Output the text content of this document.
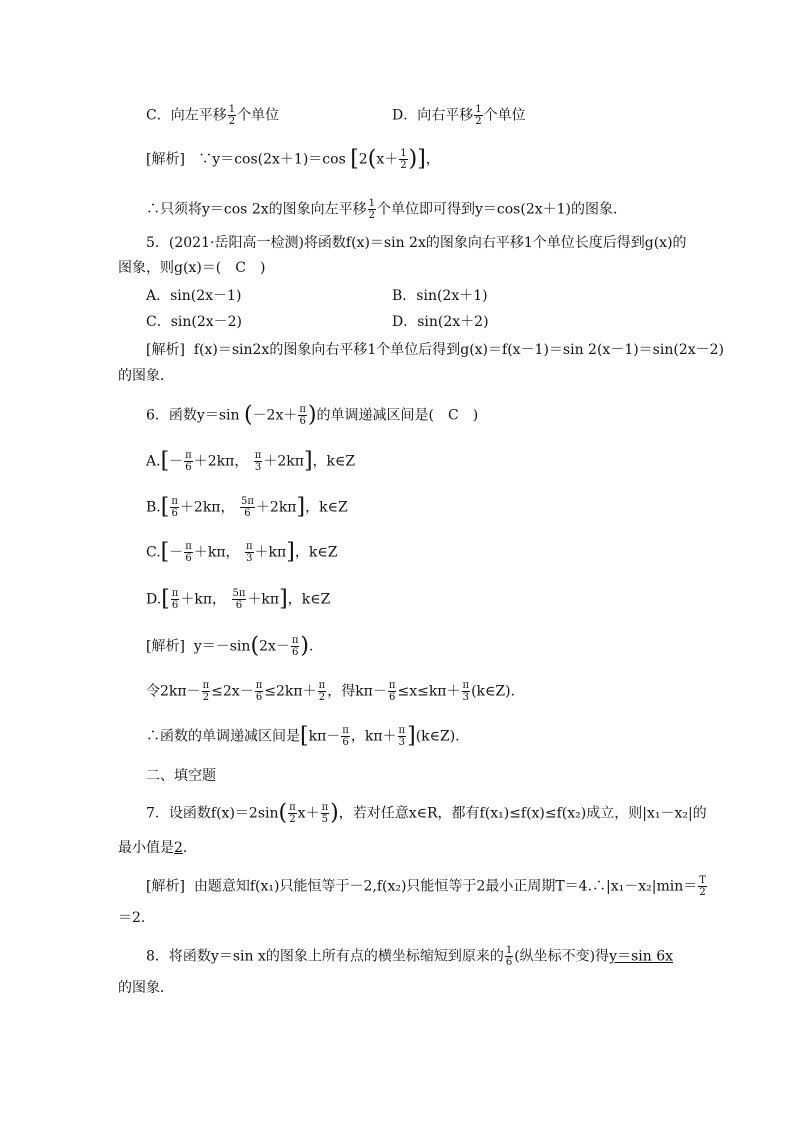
C．向左平移 $\frac{1}{2}$ 个单位	D．向右平移 $\frac{1}{2}$ 个单位
[解析] ∵y＝cos(2x＋1)＝cos [$2(x+ \frac{1}{2}$ )]，
∴只须将y＝cos 2x的图象向左平移 $\frac{1}{2}$ 个单位即可得到y＝cos(2x＋1)的图象．
5．(2021·岳阳高一检测)将函数f(x)＝sin 2x的图象向右平移1个单位长度后得到g(x)的
图象，则g(x)＝(　C　)
A．sin(2x－1)	B．sin(2x＋1)
C．sin(2x－2)	D．sin(2x＋2)
[解析] f(x)＝sin2x的图象向右平移1个单位后得到g(x)＝f(x－1)＝sin 2(x－1)＝sin(2x－2)
的图象．
6．函数y＝sin ($-2x+ \frac{\pi}{6}$ )的单调递减区间是(　C　)
$A.[- \frac{\pi}{6} +2k\pi$， $\frac{\pi}{3} +2k\pi$]，k∈Z
$B.[ \frac{\pi}{6} +2k\pi$， $\frac{5\pi}{6} +2k\pi$]，k∈Z
$C.[- \frac{\pi}{6} +k\pi$， $\frac{\pi}{3} +k\pi$]，k∈Z
$D.[ \frac{\pi}{6} +k\pi$， $\frac{5\pi}{6} +k\pi$]，k∈Z
[解析] $y=-\sin(2x- \frac{\pi}{6}$ ).
令$2k\pi- \frac{\pi}{2} \le 2x- \frac{\pi}{6} \le 2k\pi+ \frac{\pi}{2}$ ，得$k\pi- \frac{\pi}{6} \le x\le k\pi+ \frac{\pi}{3}$ (k∈Z)．
∴函数的单调递减区间是[$k\pi- \frac{\pi}{6}$ ，$k\pi+ \frac{\pi}{3}$ ](k∈Z)．
二、填空题
7．设函数$f(x)=2\sin( \frac{\pi}{2} x+ \frac{\pi}{5}$ )，若对任意x∈R，都有f(x₁)≤f(x)≤f(x₂)成立，则|x₁－x₂|的
最小值是2．
[解析] 由题意知f(x₁)只能恒等于－2,f(x₂)只能恒等于2最小正周期T＝4.∴|x₁－x₂|min＝ $\frac{T}{2}$
＝2.
8．将函数y＝sin x的图象上所有点的横坐标缩短到原来的 $\frac{1}{6}$ (纵坐标不变)得y＝sin 6x
的图象．
